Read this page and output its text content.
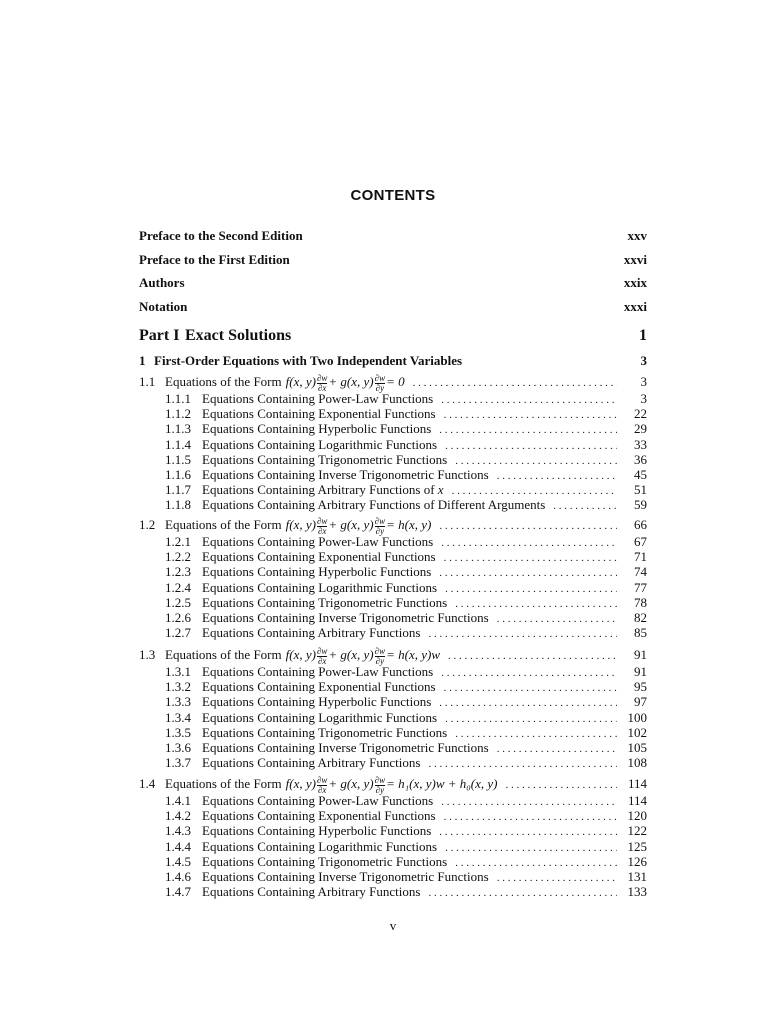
CONTENTS
Preface to the Second Edition	xxv
Preface to the First Edition	xxvi
Authors	xxix
Notation	xxxi
Part I Exact Solutions	1
1 First-Order Equations with Two Independent Variables	3
1.1 Equations of the Form f(x, $y) \frac{\partial w}{\partial x} + g(x$, $y) \frac{\partial w}{\partial y} = 0$ . . .	3
1.1.1 Equations Containing Power-Law Functions . . .	3
1.1.2 Equations Containing Exponential Functions . . .	22
1.1.3 Equations Containing Hyperbolic Functions . . .	29
1.1.4 Equations Containing Logarithmic Functions . . .	33
1.1.5 Equations Containing Trigonometric Functions . . .	36
1.1.6 Equations Containing Inverse Trigonometric Functions . . .	45
1.1.7 Equations Containing Arbitrary Functions of x . . .	51
1.1.8 Equations Containing Arbitrary Functions of Different Arguments . . .	59
1.2 Equations of the Form f(x, $y) \frac{\partial w}{\partial x} + g(x$, $y) \frac{\partial w}{\partial y} = h(x$, y) . . .	66
1.2.1 Equations Containing Power-Law Functions . . .	67
1.2.2 Equations Containing Exponential Functions . . .	71
1.2.3 Equations Containing Hyperbolic Functions . . .	74
1.2.4 Equations Containing Logarithmic Functions . . .	77
1.2.5 Equations Containing Trigonometric Functions . . .	78
1.2.6 Equations Containing Inverse Trigonometric Functions . . .	82
1.2.7 Equations Containing Arbitrary Functions . . .	85
1.3 Equations of the Form f(x, $y) \frac{\partial w}{\partial x} + g(x$, $y) \frac{\partial w}{\partial y} = h(x$, y)w . . .	91
1.3.1 Equations Containing Power-Law Functions . . .	91
1.3.2 Equations Containing Exponential Functions . . .	95
1.3.3 Equations Containing Hyperbolic Functions . . .	97
1.3.4 Equations Containing Logarithmic Functions . . .	100
1.3.5 Equations Containing Trigonometric Functions . . .	102
1.3.6 Equations Containing Inverse Trigonometric Functions . . .	105
1.3.7 Equations Containing Arbitrary Functions . . .	108
1.4 Equations of the Form f(x, $y) \frac{\partial w}{\partial x} + g(x$, $y) \frac{\partial w}{\partial y} = h_1(x$, y)w + h₀(x, y) . . .	114
1.4.1 Equations Containing Power-Law Functions . . .	114
1.4.2 Equations Containing Exponential Functions . . .	120
1.4.3 Equations Containing Hyperbolic Functions . . .	122
1.4.4 Equations Containing Logarithmic Functions . . .	125
1.4.5 Equations Containing Trigonometric Functions . . .	126
1.4.6 Equations Containing Inverse Trigonometric Functions . . .	131
1.4.7 Equations Containing Arbitrary Functions . . .	133
v
